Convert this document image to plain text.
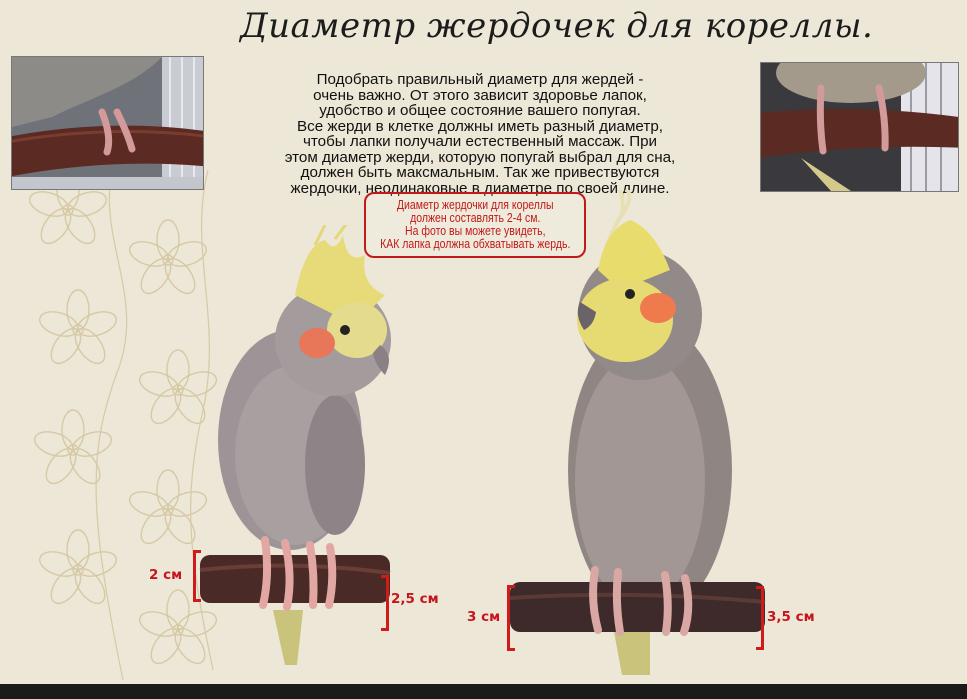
Диаметр жердочек для кореллы.

Подобрать правильный диаметр для жердей -
очень важно. От этого зависит здоровье лапок,
удобство и общее состояние вашего попугая.
Все жерди в клетке должны иметь разный диаметр,
чтобы лапки получали естественный массаж. При
этом диаметр жерди, которую попугай выбрал для сна,
должен быть максмальным. Так же привествуются
жердочки, неодинаковые в диаметре по своей длине.

Диаметр жердочки для кореллы
должен составлять 2-4 см.
На фото вы можете увидеть,
КАК лапка должна обхватывать жердь.

2 см
2,5 см
3 см	3,5 см
